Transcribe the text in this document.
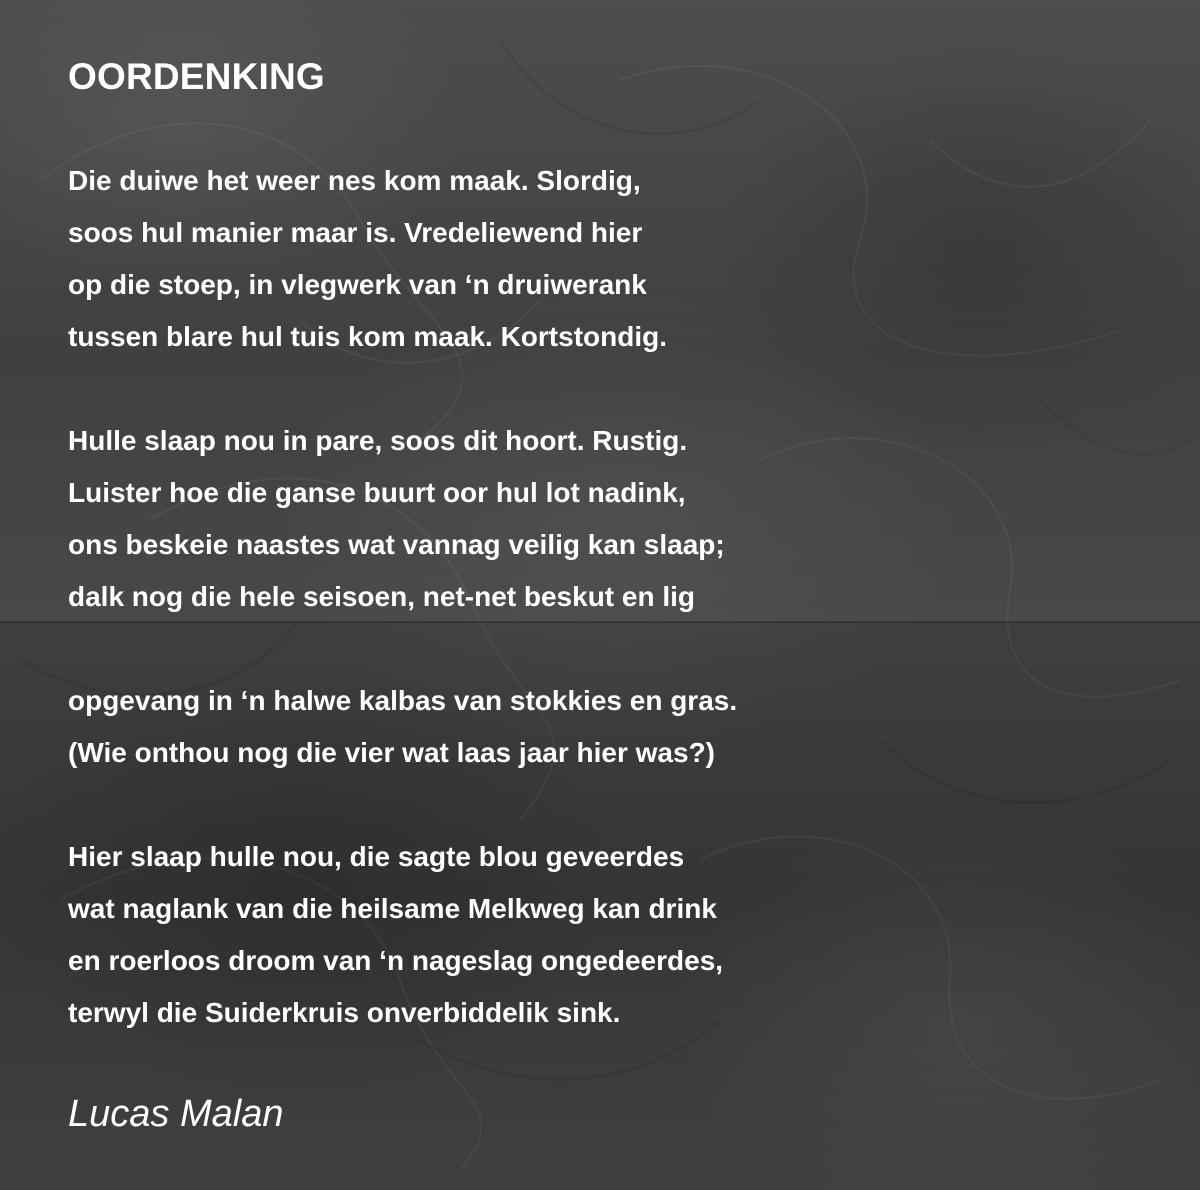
OORDENKING
Die duiwe het weer nes kom maak. Slordig,
soos hul manier maar is. Vredeliewend hier
op die stoep, in vlegwerk van ‘n druiwerank
tussen blare hul tuis kom maak. Kortstondig.
Hulle slaap nou in pare, soos dit hoort. Rustig.
Luister hoe die ganse buurt oor hul lot nadink,
ons beskeie naastes wat vannag veilig kan slaap;
dalk nog die hele seisoen, net-net beskut en lig
opgevang in ‘n halwe kalbas van stokkies en gras.
(Wie onthou nog die vier wat laas jaar hier was?)
Hier slaap hulle nou, die sagte blou geveerdes
wat naglank van die heilsame Melkweg kan drink
en roerloos droom van ‘n nageslag ongedeerdes,
terwyl die Suiderkruis onverbiddelik sink.
Lucas Malan
